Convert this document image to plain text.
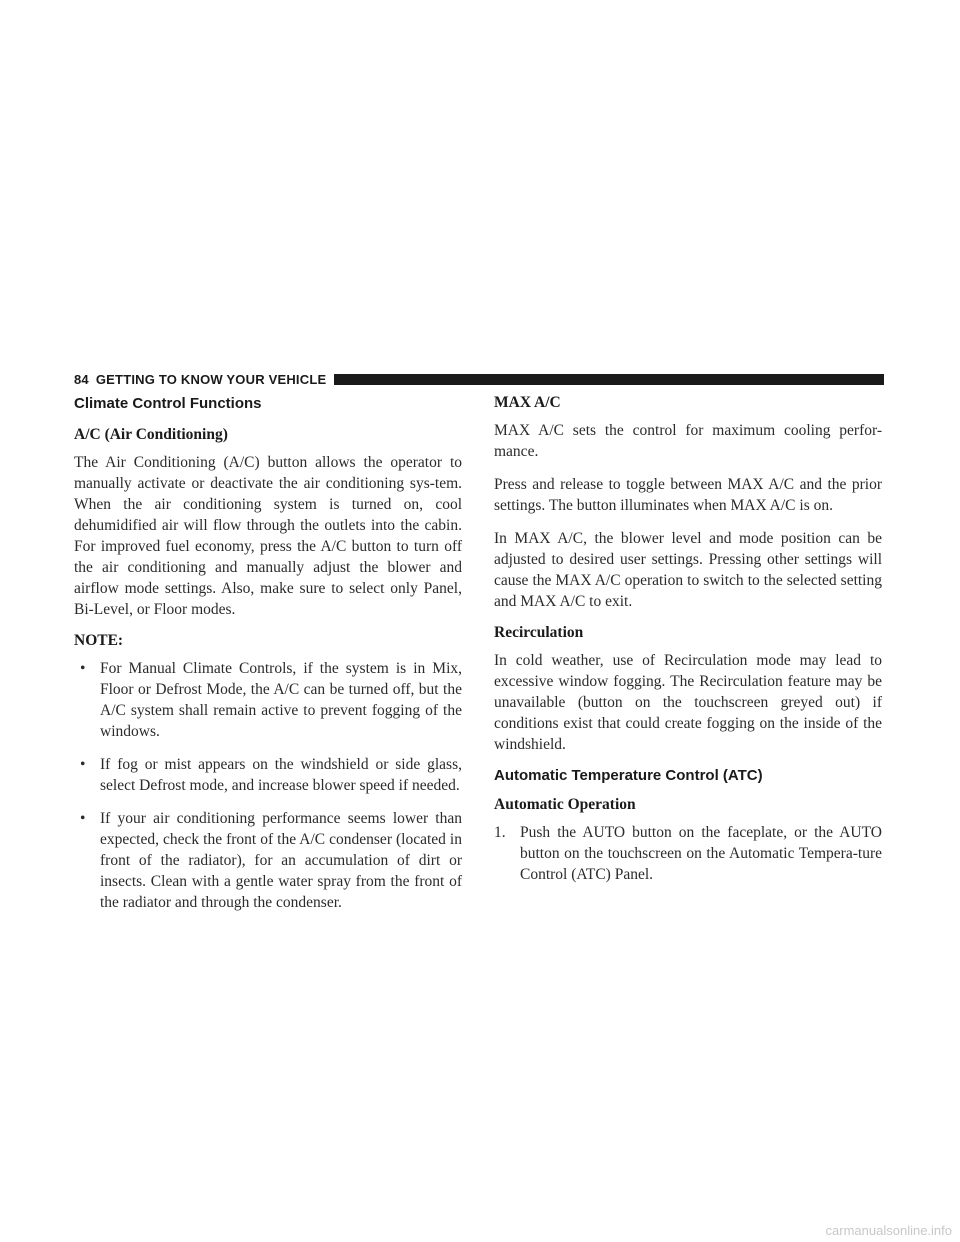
84 GETTING TO KNOW YOUR VEHICLE
Climate Control Functions
A/C (Air Conditioning)

The Air Conditioning (A/C) button allows the operator to manually activate or deactivate the air conditioning sys-tem. When the air conditioning system is turned on, cool dehumidified air will flow through the outlets into the cabin. For improved fuel economy, press the A/C button to turn off the air conditioning and manually adjust the blower and airflow mode settings. Also, make sure to select only Panel, Bi-Level, or Floor modes.

NOTE:
• For Manual Climate Controls, if the system is in Mix, Floor or Defrost Mode, the A/C can be turned off, but the A/C system shall remain active to prevent fogging of the windows.
• If fog or mist appears on the windshield or side glass, select Defrost mode, and increase blower speed if needed.
• If your air conditioning performance seems lower than expected, check the front of the A/C condenser (located in front of the radiator), for an accumulation of dirt or insects. Clean with a gentle water spray from the front of the radiator and through the condenser.
MAX A/C

MAX A/C sets the control for maximum cooling perfor-mance.

Press and release to toggle between MAX A/C and the prior settings. The button illuminates when MAX A/C is on.

In MAX A/C, the blower level and mode position can be adjusted to desired user settings. Pressing other settings will cause the MAX A/C operation to switch to the selected setting and MAX A/C to exit.

Recirculation

In cold weather, use of Recirculation mode may lead to excessive window fogging. The Recirculation feature may be unavailable (button on the touchscreen greyed out) if conditions exist that could create fogging on the inside of the windshield.

Automatic Temperature Control (ATC)
Automatic Operation
1. Push the AUTO button on the faceplate, or the AUTO button on the touchscreen on the Automatic Tempera-ture Control (ATC) Panel.
carmanualsonline.info
